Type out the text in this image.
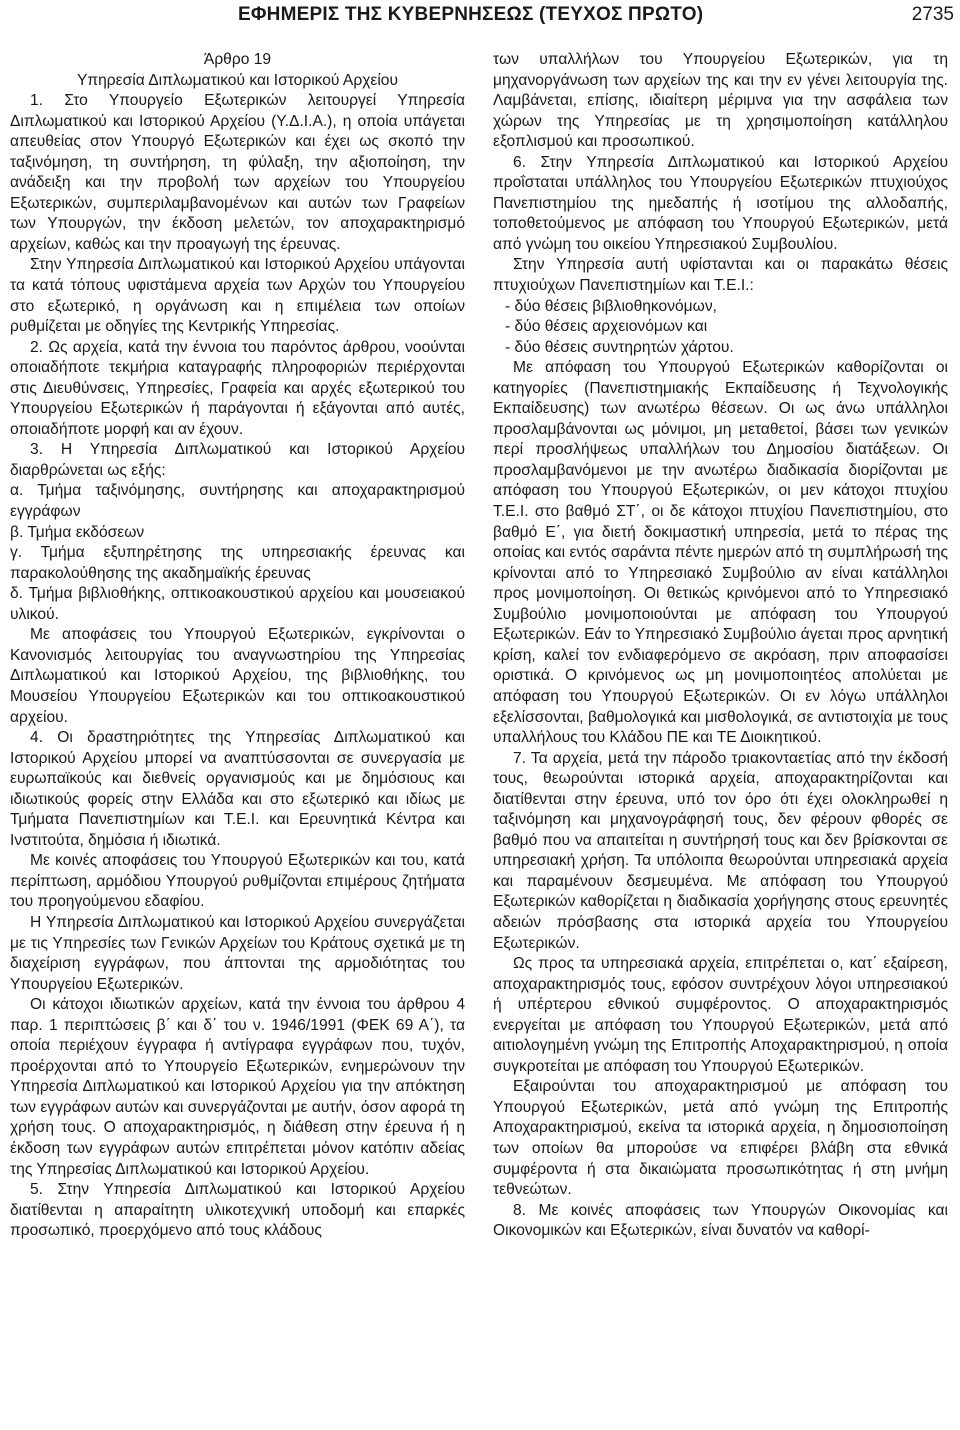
ΕΦΗΜΕΡΙΣ ΤΗΣ ΚΥΒΕΡΝΗΣΕΩΣ (ΤΕΥΧΟΣ ΠΡΩΤΟ)	2735

Άρθρο 19

Υπηρεσία Διπλωματικού και Ιστορικού Αρχείου

1. Στο Υπουργείο Εξωτερικών λειτουργεί Υπηρεσία Διπλωματικού και Ιστορικού Αρχείου (Υ.Δ.Ι.Α.), η οποία υπάγεται απευθείας στον Υπουργό Εξωτερικών και έχει ως σκοπό την ταξινόμηση, τη συντήρηση, τη φύλαξη, την αξιοποίηση, την ανάδειξη και την προβολή των αρχείων του Υπουργείου Εξωτερικών, συμπεριλαμβανομένων και αυτών των Γραφείων των Υπουργών, την έκδοση μελετών, τον αποχαρακτηρισμό αρχείων, καθώς και την προαγωγή της έρευνας.

Στην Υπηρεσία Διπλωματικού και Ιστορικού Αρχείου υπάγονται τα κατά τόπους υφιστάμενα αρχεία των Αρχών του Υπουργείου στο εξωτερικό, η οργάνωση και η επιμέλεια των οποίων ρυθμίζεται με οδηγίες της Κεντρικής Υπηρεσίας.

2. Ως αρχεία, κατά την έννοια του παρόντος άρθρου, νοούνται οποιαδήποτε τεκμήρια καταγραφής πληροφοριών περιέρχονται στις Διευθύνσεις, Υπηρεσίες, Γραφεία και αρχές εξωτερικού του Υπουργείου Εξωτερικών ή παράγονται ή εξάγονται από αυτές, οποιαδήποτε μορφή και αν έχουν.

3. Η Υπηρεσία Διπλωματικού και Ιστορικού Αρχείου διαρθρώνεται ως εξής:

α. Τμήμα ταξινόμησης, συντήρησης και αποχαρακτηρισμού εγγράφων

β. Τμήμα εκδόσεων

γ. Τμήμα εξυπηρέτησης της υπηρεσιακής έρευνας και παρακολούθησης της ακαδημαϊκής έρευνας

δ. Τμήμα βιβλιοθήκης, οπτικοακουστικού αρχείου και μουσειακού υλικού.

Με αποφάσεις του Υπουργού Εξωτερικών, εγκρίνονται ο Κανονισμός λειτουργίας του αναγνωστηρίου της Υπηρεσίας Διπλωματικού και Ιστορικού Αρχείου, της βιβλιοθήκης, του Μουσείου Υπουργείου Εξωτερικών και του οπτικοακουστικού αρχείου.

4. Οι δραστηριότητες της Υπηρεσίας Διπλωματικού και Ιστορικού Αρχείου μπορεί να αναπτύσσονται σε συνεργασία με ευρωπαϊκούς και διεθνείς οργανισμούς και με δημόσιους και ιδιωτικούς φορείς στην Ελλάδα και στο εξωτερικό και ιδίως με Τμήματα Πανεπιστημίων και Τ.Ε.Ι. και Ερευνητικά Κέντρα και Ινστιτούτα, δημόσια ή ιδιωτικά.

Με κοινές αποφάσεις του Υπουργού Εξωτερικών και του, κατά περίπτωση, αρμόδιου Υπουργού ρυθμίζονται επιμέρους ζητήματα του προηγούμενου εδαφίου.

Η Υπηρεσία Διπλωματικού και Ιστορικού Αρχείου συνεργάζεται με τις Υπηρεσίες των Γενικών Αρχείων του Κράτους σχετικά με τη διαχείριση εγγράφων, που άπτονται της αρμοδιότητας του Υπουργείου Εξωτερικών.

Οι κάτοχοι ιδιωτικών αρχείων, κατά την έννοια του άρθρου 4 παρ. 1 περιπτώσεις β΄ και δ΄ του ν. 1946/1991 (ΦΕΚ 69 Α΄), τα οποία περιέχουν έγγραφα ή αντίγραφα εγγράφων που, τυχόν, προέρχονται από το Υπουργείο Εξωτερικών, ενημερώνουν την Υπηρεσία Διπλωματικού και Ιστορικού Αρχείου για την απόκτηση των εγγράφων αυτών και συνεργάζονται με αυτήν, όσον αφορά τη χρήση τους. Ο αποχαρακτηρισμός, η διάθεση στην έρευνα ή η έκδοση των εγγράφων αυτών επιτρέπεται μόνον κατόπιν αδείας της Υπηρεσίας Διπλωματικού και Ιστορικού Αρχείου.

5. Στην Υπηρεσία Διπλωματικού και Ιστορικού Αρχείου διατίθενται η απαραίτητη υλικοτεχνική υποδομή και επαρκές προσωπικό, προερχόμενο από τους κλάδους

των υπαλλήλων του Υπουργείου Εξωτερικών, για τη μηχανοργάνωση των αρχείων της και την εν γένει λειτουργία της. Λαμβάνεται, επίσης, ιδιαίτερη μέριμνα για την ασφάλεια των χώρων της Υπηρεσίας με τη χρησιμοποίηση κατάλληλου εξοπλισμού και προσωπικού.

6. Στην Υπηρεσία Διπλωματικού και Ιστορικού Αρχείου προΐσταται υπάλληλος του Υπουργείου Εξωτερικών πτυχιούχος Πανεπιστημίου της ημεδαπής ή ισοτίμου της αλλοδαπής, τοποθετούμενος με απόφαση του Υπουργού Εξωτερικών, μετά από γνώμη του οικείου Υπηρεσιακού Συμβουλίου.

Στην Υπηρεσία αυτή υφίστανται και οι παρακάτω θέσεις πτυχιούχων Πανεπιστημίων και Τ.Ε.Ι.:

- δύο θέσεις βιβλιοθηκονόμων,

- δύο θέσεις αρχειονόμων και

- δύο θέσεις συντηρητών χάρτου.

Με απόφαση του Υπουργού Εξωτερικών καθορίζονται οι κατηγορίες (Πανεπιστημιακής Εκπαίδευσης ή Τεχνολογικής Εκπαίδευσης) των ανωτέρω θέσεων. Οι ως άνω υπάλληλοι προσλαμβάνονται ως μόνιμοι, μη μεταθετοί, βάσει των γενικών περί προσλήψεως υπαλλήλων του Δημοσίου διατάξεων. Οι προσλαμβανόμενοι με την ανωτέρω διαδικασία διορίζονται με απόφαση του Υπουργού Εξωτερικών, οι μεν κάτοχοι πτυχίου Τ.Ε.Ι. στο βαθμό ΣΤ΄, οι δε κάτοχοι πτυχίου Πανεπιστημίου, στο βαθμό Ε΄, για διετή δοκιμαστική υπηρεσία, μετά το πέρας της οποίας και εντός σαράντα πέντε ημερών από τη συμπλήρωσή της κρίνονται από το Υπηρεσιακό Συμβούλιο αν είναι κατάλληλοι προς μονιμοποίηση. Οι θετικώς κρινόμενοι από το Υπηρεσιακό Συμβούλιο μονιμοποιούνται με απόφαση του Υπουργού Εξωτερικών. Εάν το Υπηρεσιακό Συμβούλιο άγεται προς αρνητική κρίση, καλεί τον ενδιαφερόμενο σε ακρόαση, πριν αποφασίσει οριστικά. Ο κρινόμενος ως μη μονιμοποιητέος απολύεται με απόφαση του Υπουργού Εξωτερικών. Οι εν λόγω υπάλληλοι εξελίσσονται, βαθμολογικά και μισθολογικά, σε αντιστοιχία με τους υπαλλήλους του Κλάδου ΠΕ και ΤΕ Διοικητικού.

7. Τα αρχεία, μετά την πάροδο τριακονταετίας από την έκδοσή τους, θεωρούνται ιστορικά αρχεία, αποχαρακτηρίζονται και διατίθενται στην έρευνα, υπό τον όρο ότι έχει ολοκληρωθεί η ταξινόμηση και μηχανογράφησή τους, δεν φέρουν φθορές σε βαθμό που να απαιτείται η συντήρησή τους και δεν βρίσκονται σε υπηρεσιακή χρήση. Τα υπόλοιπα θεωρούνται υπηρεσιακά αρχεία και παραμένουν δεσμευμένα. Με απόφαση του Υπουργού Εξωτερικών καθορίζεται η διαδικασία χορήγησης στους ερευνητές αδειών πρόσβασης στα ιστορικά αρχεία του Υπουργείου Εξωτερικών.

Ως προς τα υπηρεσιακά αρχεία, επιτρέπεται ο, κατ΄ εξαίρεση, αποχαρακτηρισμός τους, εφόσον συντρέχουν λόγοι υπηρεσιακού ή υπέρτερου εθνικού συμφέροντος. Ο αποχαρακτηρισμός ενεργείται με απόφαση του Υπουργού Εξωτερικών, μετά από αιτιολογημένη γνώμη της Επιτροπής Αποχαρακτηρισμού, η οποία συγκροτείται με απόφαση του Υπουργού Εξωτερικών.

Εξαιρούνται του αποχαρακτηρισμού με απόφαση του Υπουργού Εξωτερικών, μετά από γνώμη της Επιτροπής Αποχαρακτηρισμού, εκείνα τα ιστορικά αρχεία, η δημοσιοποίηση των οποίων θα μπορούσε να επιφέρει βλάβη στα εθνικά συμφέροντα ή στα δικαιώματα προσωπικότητας ή στη μνήμη τεθνεώτων.

8. Με κοινές αποφάσεις των Υπουργών Οικονομίας και Οικονομικών και Εξωτερικών, είναι δυνατόν να καθορί-
